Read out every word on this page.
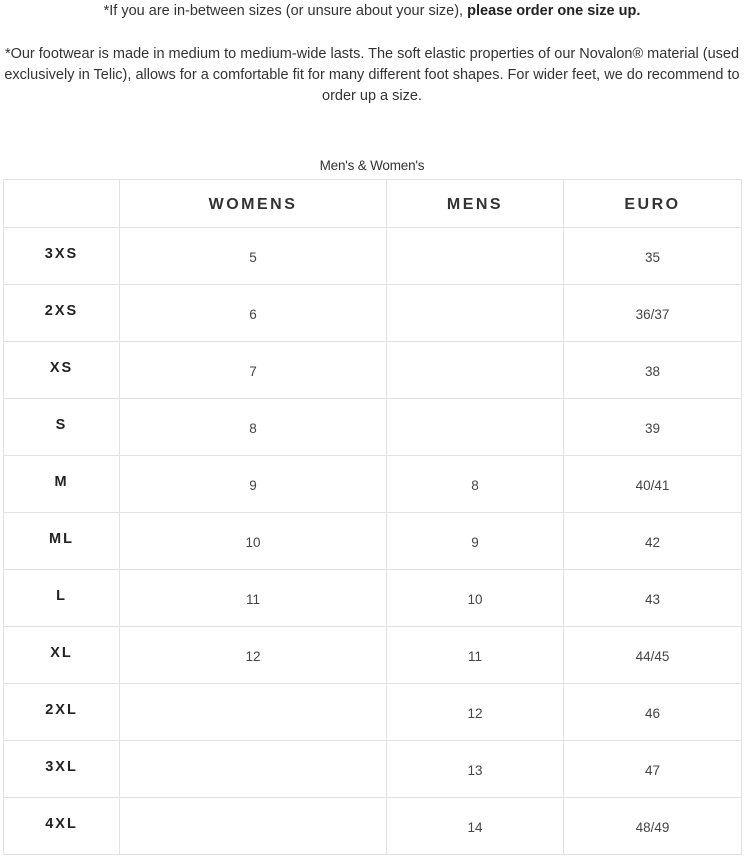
*If you are in-between sizes (or unsure about your size), please order one size up.

*Our footwear is made in medium to medium-wide lasts. The soft elastic properties of our Novalon® material (used exclusively in Telic), allows for a comfortable fit for many different foot shapes. For wider feet, we do recommend to order up a size.

Men's & Women's
	WOMENS	MENS	EURO
3XS	5		35
2XS	6		36/37
XS	7		38
S	8		39
M	9	8	40/41
ML	10	9	42
L	11	10	43
XL	12	11	44/45
2XL		12	46
3XL		13	47
4XL		14	48/49
